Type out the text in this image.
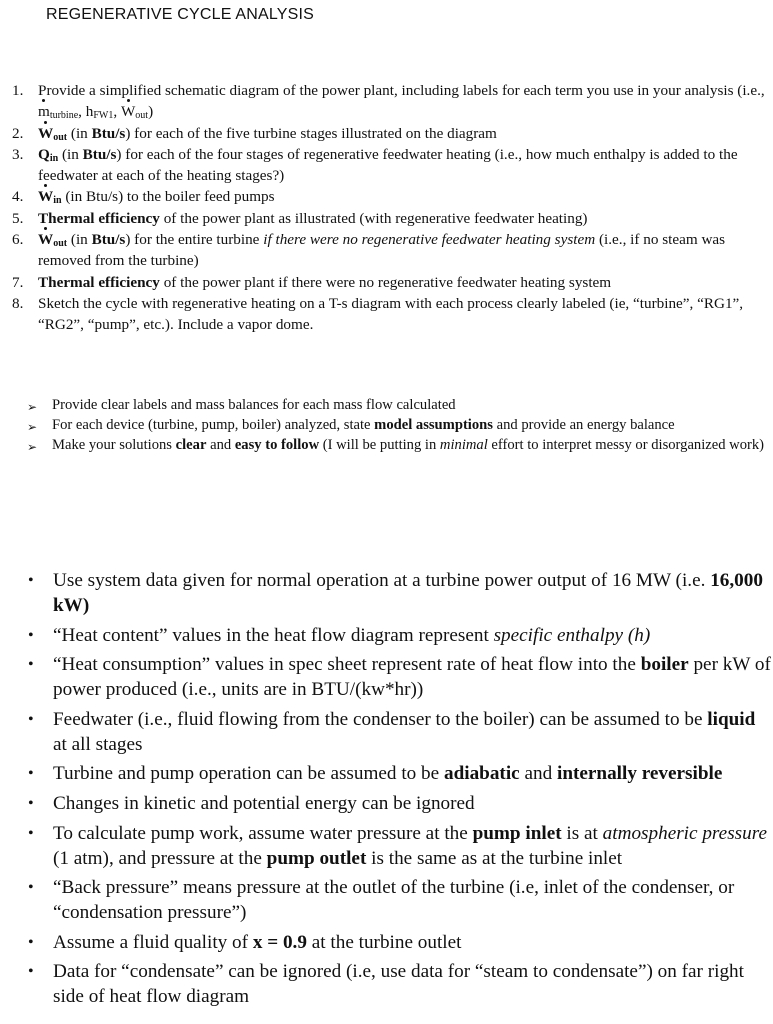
REGENERATIVE CYCLE ANALYSIS
1. Provide a simplified schematic diagram of the power plant, including labels for each term you use in your analysis (i.e., $m_{turbine}$, $h_{FW1}$, $W_{out}$)
2. $W_{out}$ (in Btu/s) for each of the five turbine stages illustrated on the diagram
3. $Q_{in}$ (in Btu/s) for each of the four stages of regenerative feedwater heating (i.e., how much enthalpy is added to the feedwater at each of the heating stages?)
4. $W_{in}$ (in Btu/s) to the boiler feed pumps
5. Thermal efficiency of the power plant as illustrated (with regenerative feedwater heating)
6. $W_{out}$ (in Btu/s) for the entire turbine if there were no regenerative feedwater heating system (i.e., if no steam was removed from the turbine)
7. Thermal efficiency of the power plant if there were no regenerative feedwater heating system
8. Sketch the cycle with regenerative heating on a T-s diagram with each process clearly labeled (ie, “turbine”, “RG1”, “RG2”, “pump”, etc.). Include a vapor dome.
➢ Provide clear labels and mass balances for each mass flow calculated
➢ For each device (turbine, pump, boiler) analyzed, state model assumptions and provide an energy balance
➢ Make your solutions clear and easy to follow (I will be putting in minimal effort to interpret messy or disorganized work)
• Use system data given for normal operation at a turbine power output of 16 MW (i.e. 16,000 kW)
• “Heat content” values in the heat flow diagram represent specific enthalpy (h)
• “Heat consumption” values in spec sheet represent rate of heat flow into the boiler per kW of power produced (i.e., units are in BTU/(kw*hr))
• Feedwater (i.e., fluid flowing from the condenser to the boiler) can be assumed to be liquid at all stages
• Turbine and pump operation can be assumed to be adiabatic and internally reversible
• Changes in kinetic and potential energy can be ignored
• To calculate pump work, assume water pressure at the pump inlet is at atmospheric pressure (1 atm), and pressure at the pump outlet is the same as at the turbine inlet
• “Back pressure” means pressure at the outlet of the turbine (i.e, inlet of the condenser, or
“condensation pressure”)
• Assume a fluid quality of x = 0.9 at the turbine outlet
• Data for “condensate” can be ignored (i.e, use data for “steam to condensate”) on far right side of heat flow diagram
